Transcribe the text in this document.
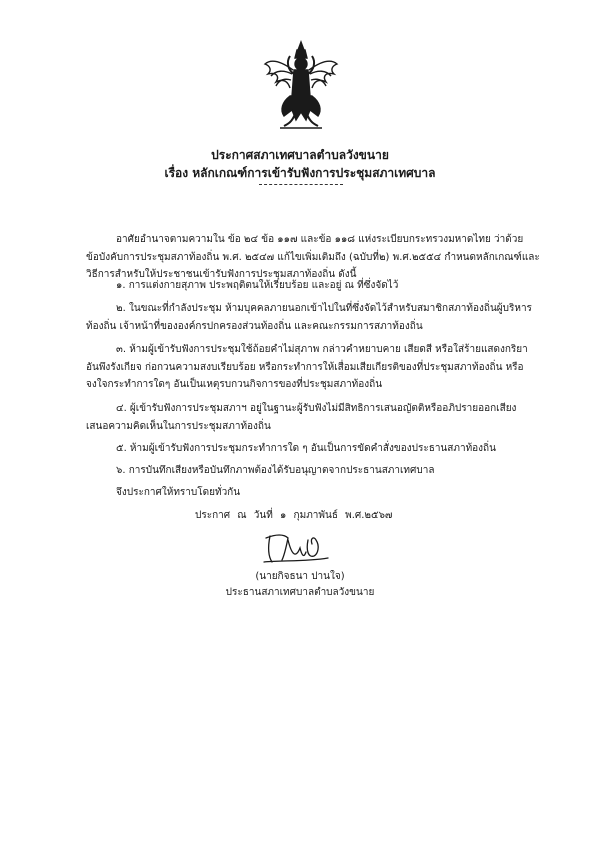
ประกาศสภาเทศบาลตำบลวังขนาย
เรื่อง หลักเกณฑ์การเข้ารับฟังการประชุมสภาเทศบาล
อาศัยอำนาจตามความใน ข้อ ๒๔ ข้อ ๑๑๗ และข้อ ๑๑๘ แห่งระเบียบกระทรวงมหาดไทย ว่าด้วย
ข้อบังคับการประชุมสภาท้องถิ่น พ.ศ. ๒๕๔๗ แก้ไขเพิ่มเติมถึง (ฉบับที่๒) พ.ศ.๒๕๕๔ กำหนดหลักเกณฑ์และ
วิธีการสำหรับให้ประชาชนเข้ารับฟังการประชุมสภาท้องถิ่น ดังนี้
๑. การแต่งกายสุภาพ ประพฤติตนให้เรียบร้อย และอยู่ ณ ที่ซึ่งจัดไว้
๒. ในขณะที่กำลังประชุม ห้ามบุคคลภายนอกเข้าไปในที่ซึ่งจัดไว้สำหรับสมาชิกสภาท้องถิ่นผู้บริหาร
ท้องถิ่น เจ้าหน้าที่ขององค์กรปกครองส่วนท้องถิ่น และคณะกรรมการสภาท้องถิ่น
๓. ห้ามผู้เข้ารับฟังการประชุมใช้ถ้อยคำไม่สุภาพ กล่าวคำหยาบคาย เสียดสี หรือใส่ร้ายแสดงกริยา
อันพึงรังเกียจ ก่อกวนความสงบเรียบร้อย หรือกระทำการให้เสื่อมเสียเกียรติของที่ประชุมสภาท้องถิ่น หรือ
จงใจกระทำการใดๆ อันเป็นเหตุรบกวนกิจการของที่ประชุมสภาท้องถิ่น
๔. ผู้เข้ารับฟังการประชุมสภาฯ อยู่ในฐานะผู้รับฟังไม่มีสิทธิการเสนอญัตติหรืออภิปรายออกเสียง
เสนอความคิดเห็นในการประชุมสภาท้องถิ่น
๕. ห้ามผู้เข้ารับฟังการประชุมกระทำการใด ๆ อันเป็นการขัดคำสั่งของประธานสภาท้องถิ่น
๖. การบันทึกเสียงหรือบันทึกภาพต้องได้รับอนุญาตจากประธานสภาเทศบาล
จึงประกาศให้ทราบโดยทั่วกัน
ประกาศ ณ วันที่ ๑ กุมภาพันธ์ พ.ศ.๒๕๖๗
(นายกิจธนา ปานใจ)
ประธานสภาเทศบาลตำบลวังขนาย
